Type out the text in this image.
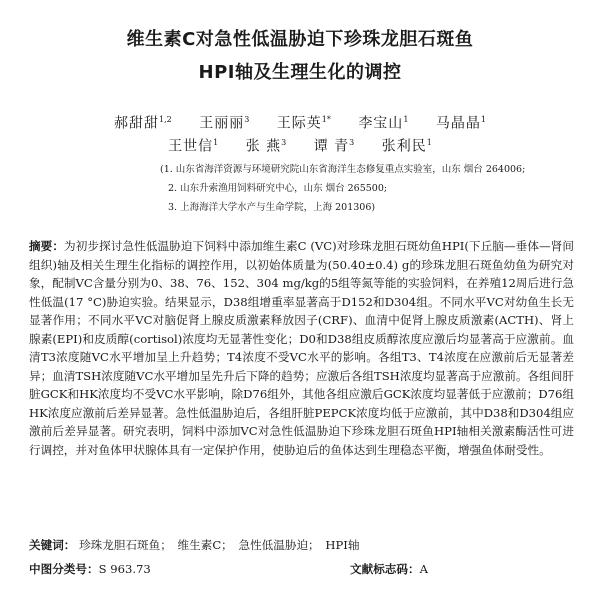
维生素C对急性低温胁迫下珍珠龙胆石斑鱼
HPI轴及生理生化的调控
郝甜甜$^{1,2}$ 王丽丽$^3$ 王际英$^{1*}$ 李宝山$^1$ 马晶晶$^1$
王世信$^1$ 张 燕$^3$ 谭 青$^3$ 张利民$^1$
(1. 山东省海洋资源与环境研究院山东省海洋生态修复重点实验室，山东 烟台 264006;
2. 山东升索渔用饲料研究中心，山东 烟台 265500;
3. 上海海洋大学水产与生命学院，上海 201306)
摘要：为初步探讨急性低温胁迫下饲料中添加维生素C (VC)对珍珠龙胆石斑幼鱼HPI(下丘脑—垂体—肾间组织)轴及相关生理生化指标的调控作用，以初始体质量为(50.40±0.4) g的珍珠龙胆石斑鱼幼鱼为研究对象，配制VC含量分别为0、38、76、152、304 mg/kg的5组等氮等能的实验饲料，在养殖12周后进行急性低温(17 °C)胁迫实验。结果显示，D38组增重率显著高于D152和D304组。不同水平VC对幼鱼生长无显著作用；不同水平VC对脑促肾上腺皮质激素释放因子(CRF)、血清中促肾上腺皮质激素(ACTH)、肾上腺素(EPI)和皮质醇(cortisol)浓度均无显著性变化；D0和D38组皮质醇浓度应激后均显著高于应激前。血清T3浓度随VC水平增加呈上升趋势；T4浓度不受VC水平的影响。各组T3、T4浓度在应激前后无显著差异；血清TSH浓度随VC水平增加呈先升后下降的趋势；应激后各组TSH浓度均显著高于应激前。各组间肝脏GCK和HK浓度均不受VC水平影响，除D76组外，其他各组应激后GCK浓度均显著低于应激前；D76组HK浓度应激前后差异显著。急性低温胁迫后，各组肝脏PEPCK浓度均低于应激前，其中D38和D304组应激前后差异显著。研究表明，饲料中添加VC对急性低温胁迫下珍珠龙胆石斑鱼HPI轴相关激素酶活性可进行调控，并对鱼体甲状腺体具有一定保护作用，使胁迫后的鱼体达到生理稳态平衡，增强鱼体耐受性。
关键词： 珍珠龙胆石斑鱼； 维生素C； 急性低温胁迫； HPI轴
中图分类号：S 963.73	文献标志码：A
